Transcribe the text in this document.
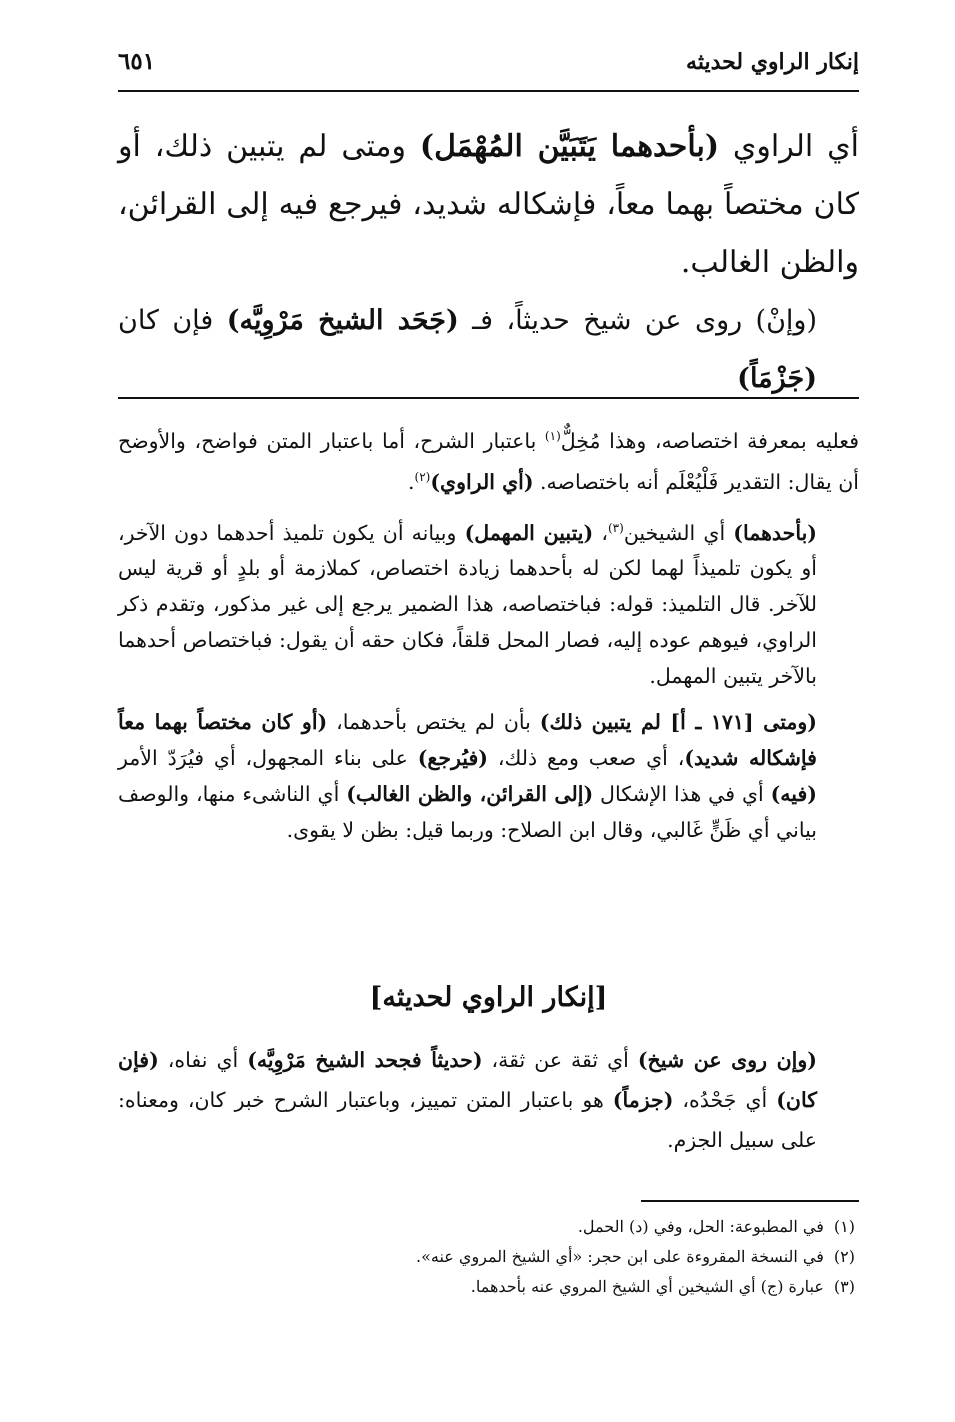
إنكار الراوي لحديثه
٦٥١

أي الراوي (بأحدهما يَتَبَيَّن المُهْمَل) ومتى لم يتبين ذلك، أو كان مختصاً بهما معاً، فإشكاله شديد، فيرجع فيه إلى القرائن، والظن الغالب.

(وإنْ) روى عن شيخ حديثاً، فـ (جَحَد الشيخ مَرْوِيَّه) فإن كان (جَزْمَاً)

فعليه بمعرفة اختصاصه، وهذا مُخِلٌّ$^{(١)}$ باعتبار الشرح، أما باعتبار المتن فواضح، والأوضح أن يقال: التقدير فَلْيُعْلَم أنه باختصاصه. (أي الراوي)$^{(٢)}$.

(بأحدهما) أي الشيخين$^{(٣)}$، (يتبين المهمل) وبيانه أن يكون تلميذ أحدهما دون الآخر، أو يكون تلميذاً لهما لكن له بأحدهما زيادة اختصاص، كملازمة أو بلدٍ أو قرية ليس للآخر. قال التلميذ: قوله: فباختصاصه، هذا الضمير يرجع إلى غير مذكور، وتقدم ذكر الراوي، فيوهم عوده إليه، فصار المحل قلقاً، فكان حقه أن يقول: فباختصاص أحدهما بالآخر يتبين المهمل.

(ومتى [١٧١ ـ أ] لم يتبين ذلك) بأن لم يختص بأحدهما، (أو كان مختصاً بهما معاً فإشكاله شديد)، أي صعب ومع ذلك، (فيُرجع) على بناء المجهول، أي فيُرَدّ الأمر (فيه) أي في هذا الإشكال (إلى القرائن، والظن الغالب) أي الناشىء منها، والوصف بياني أي ظَنٍّ غَالبي، وقال ابن الصلاح: وربما قيل: بظن لا يقوى.

[إنكار الراوي لحديثه]

(وإن روى عن شيخ) أي ثقة عن ثقة، (حديثاً فجحد الشيخ مَرْوِيَّه) أي نفاه، (فإن كان) أي جَحْدُه، (جزماً) هو باعتبار المتن تمييز، وباعتبار الشرح خبر كان، ومعناه: على سبيل الجزم.

(١)في المطبوعة: الحل، وفي (د) الحمل.
(٢)في النسخة المقروءة على ابن حجر: «أي الشيخ المروي عنه».
(٣)عبارة (ج) أي الشيخين أي الشيخ المروي عنه بأحدهما.
